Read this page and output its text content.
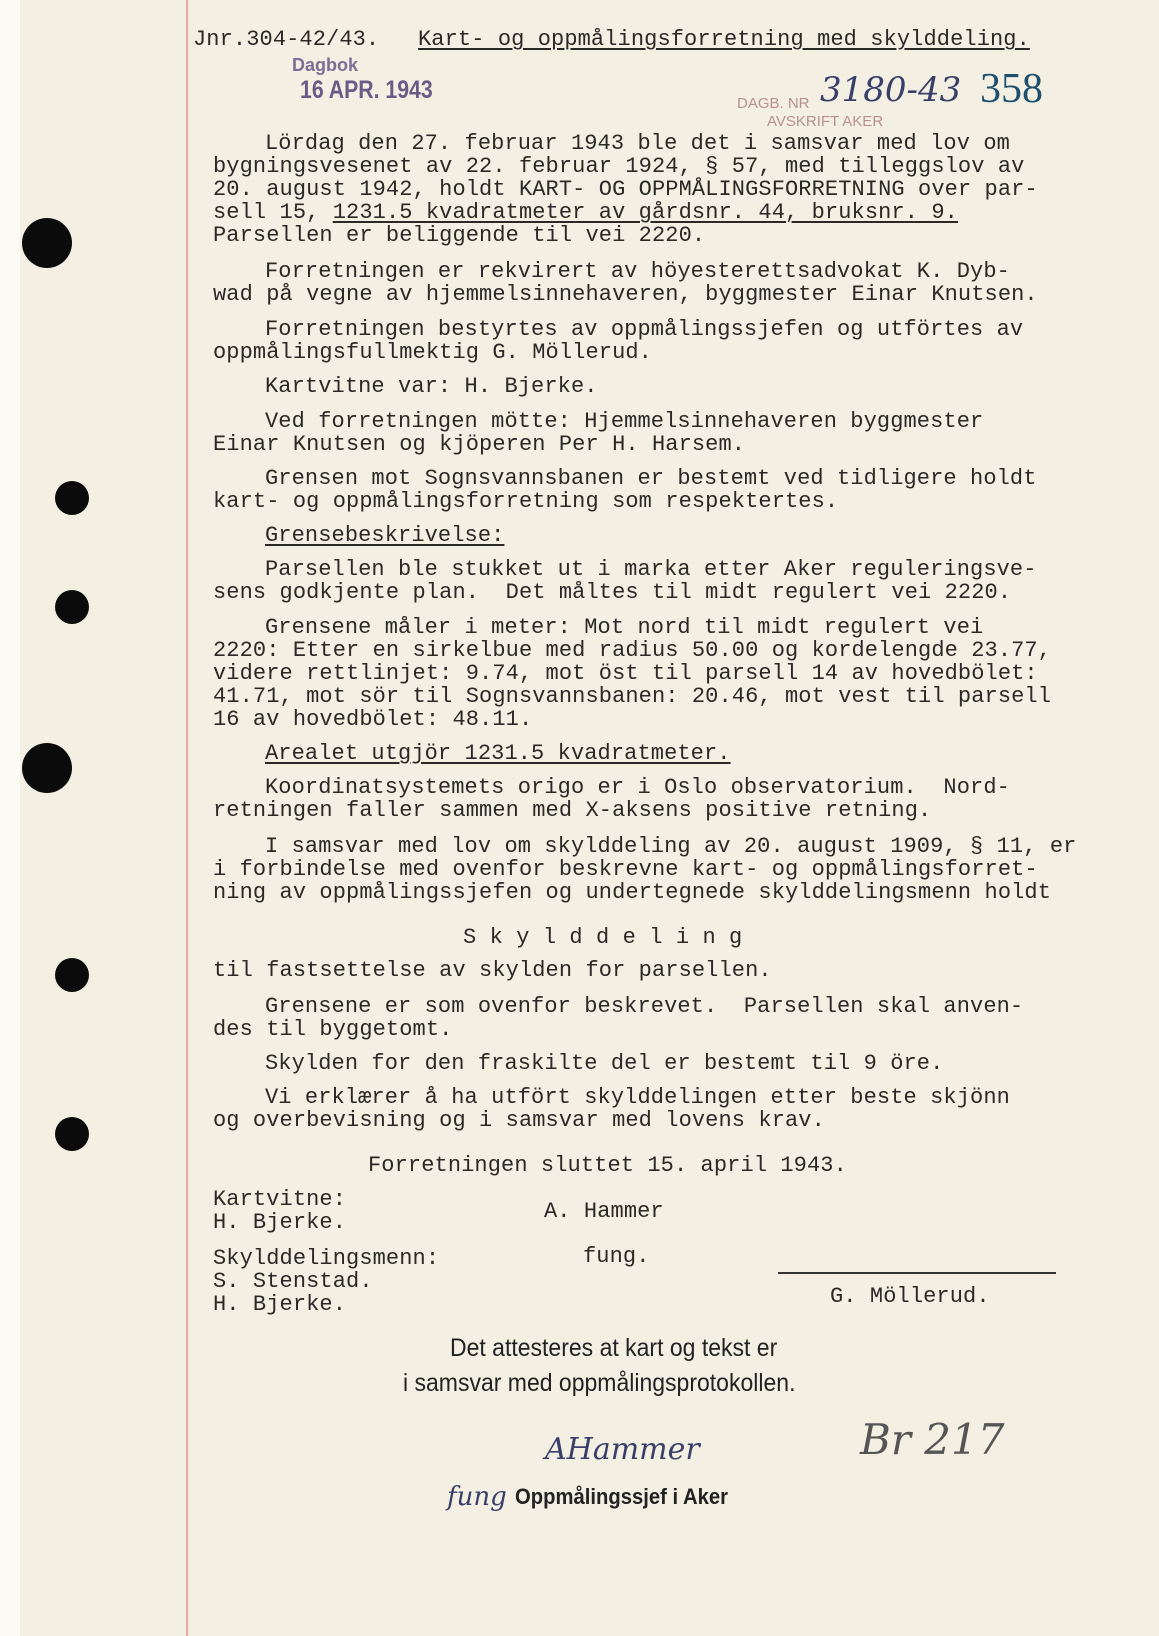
Jnr.304-42/43. Kart- og oppmålingsforretning med skylddeling.
Dagbok
16 APR. 1943	DAGB. NR
AVSKRIFT AKER
3180-43 358
Lördag den 27. februar 1943 ble det i samsvar med lov om
bygningsvesenet av 22. februar 1924, § 57, med tilleggslov av
20. august 1942, holdt KART- OG OPPMÅLINGSFORRETNING over par-
sell 15, 1231.5 kvadratmeter av gårdsnr. 44, bruksnr. 9.
Parsellen er beliggende til vei 2220.
Forretningen er rekvirert av höyesterettsadvokat K. Dyb-
wad på vegne av hjemmelsinnehaveren, byggmester Einar Knutsen.
Forretningen bestyrtes av oppmålingssjefen og utförtes av
oppmålingsfullmektig G. Möllerud.
Kartvitne var: H. Bjerke.
Ved forretningen mötte: Hjemmelsinnehaveren byggmester
Einar Knutsen og kjöperen Per H. Harsem.
Grensen mot Sognsvannsbanen er bestemt ved tidligere holdt
kart- og oppmålingsforretning som respektertes.
Grensebeskrivelse:
Parsellen ble stukket ut i marka etter Aker reguleringsve-
sens godkjente plan.  Det måltes til midt regulert vei 2220.
Grensene måler i meter: Mot nord til midt regulert vei
2220: Etter en sirkelbue med radius 50.00 og kordelengde 23.77,
videre rettlinjet: 9.74, mot öst til parsell 14 av hovedbölet:
41.71, mot sör til Sognsvannsbanen: 20.46, mot vest til parsell
16 av hovedbölet: 48.11.
Arealet utgjör 1231.5 kvadratmeter.
Koordinatsystemets origo er i Oslo observatorium.  Nord-
retningen faller sammen med X-aksens positive retning.
I samsvar med lov om skylddeling av 20. august 1909, § 11, er
i forbindelse med ovenfor beskrevne kart- og oppmålingsforret-
ning av oppmålingssjefen og undertegnede skylddelingsmenn holdt
S k y l d d e l i n g
til fastsettelse av skylden for parsellen.
Grensene er som ovenfor beskrevet.  Parsellen skal anven-
des til byggetomt.
Skylden for den fraskilte del er bestemt til 9 öre.
Vi erklærer å ha utfört skylddelingen etter beste skjönn
og overbevisning og i samsvar med lovens krav.
Forretningen sluttet 15. april 1943.
Kartvitne:
H. Bjerke.	A. Hammer
Skylddelingsmenn:
S. Stenstad.
H. Bjerke.
fung.
G. Möllerud.
Det attesteres at kart og tekst er
i samsvar med oppmålingsprotokollen.
Br 217
AHammer
fung Oppmålingssjef i Aker
